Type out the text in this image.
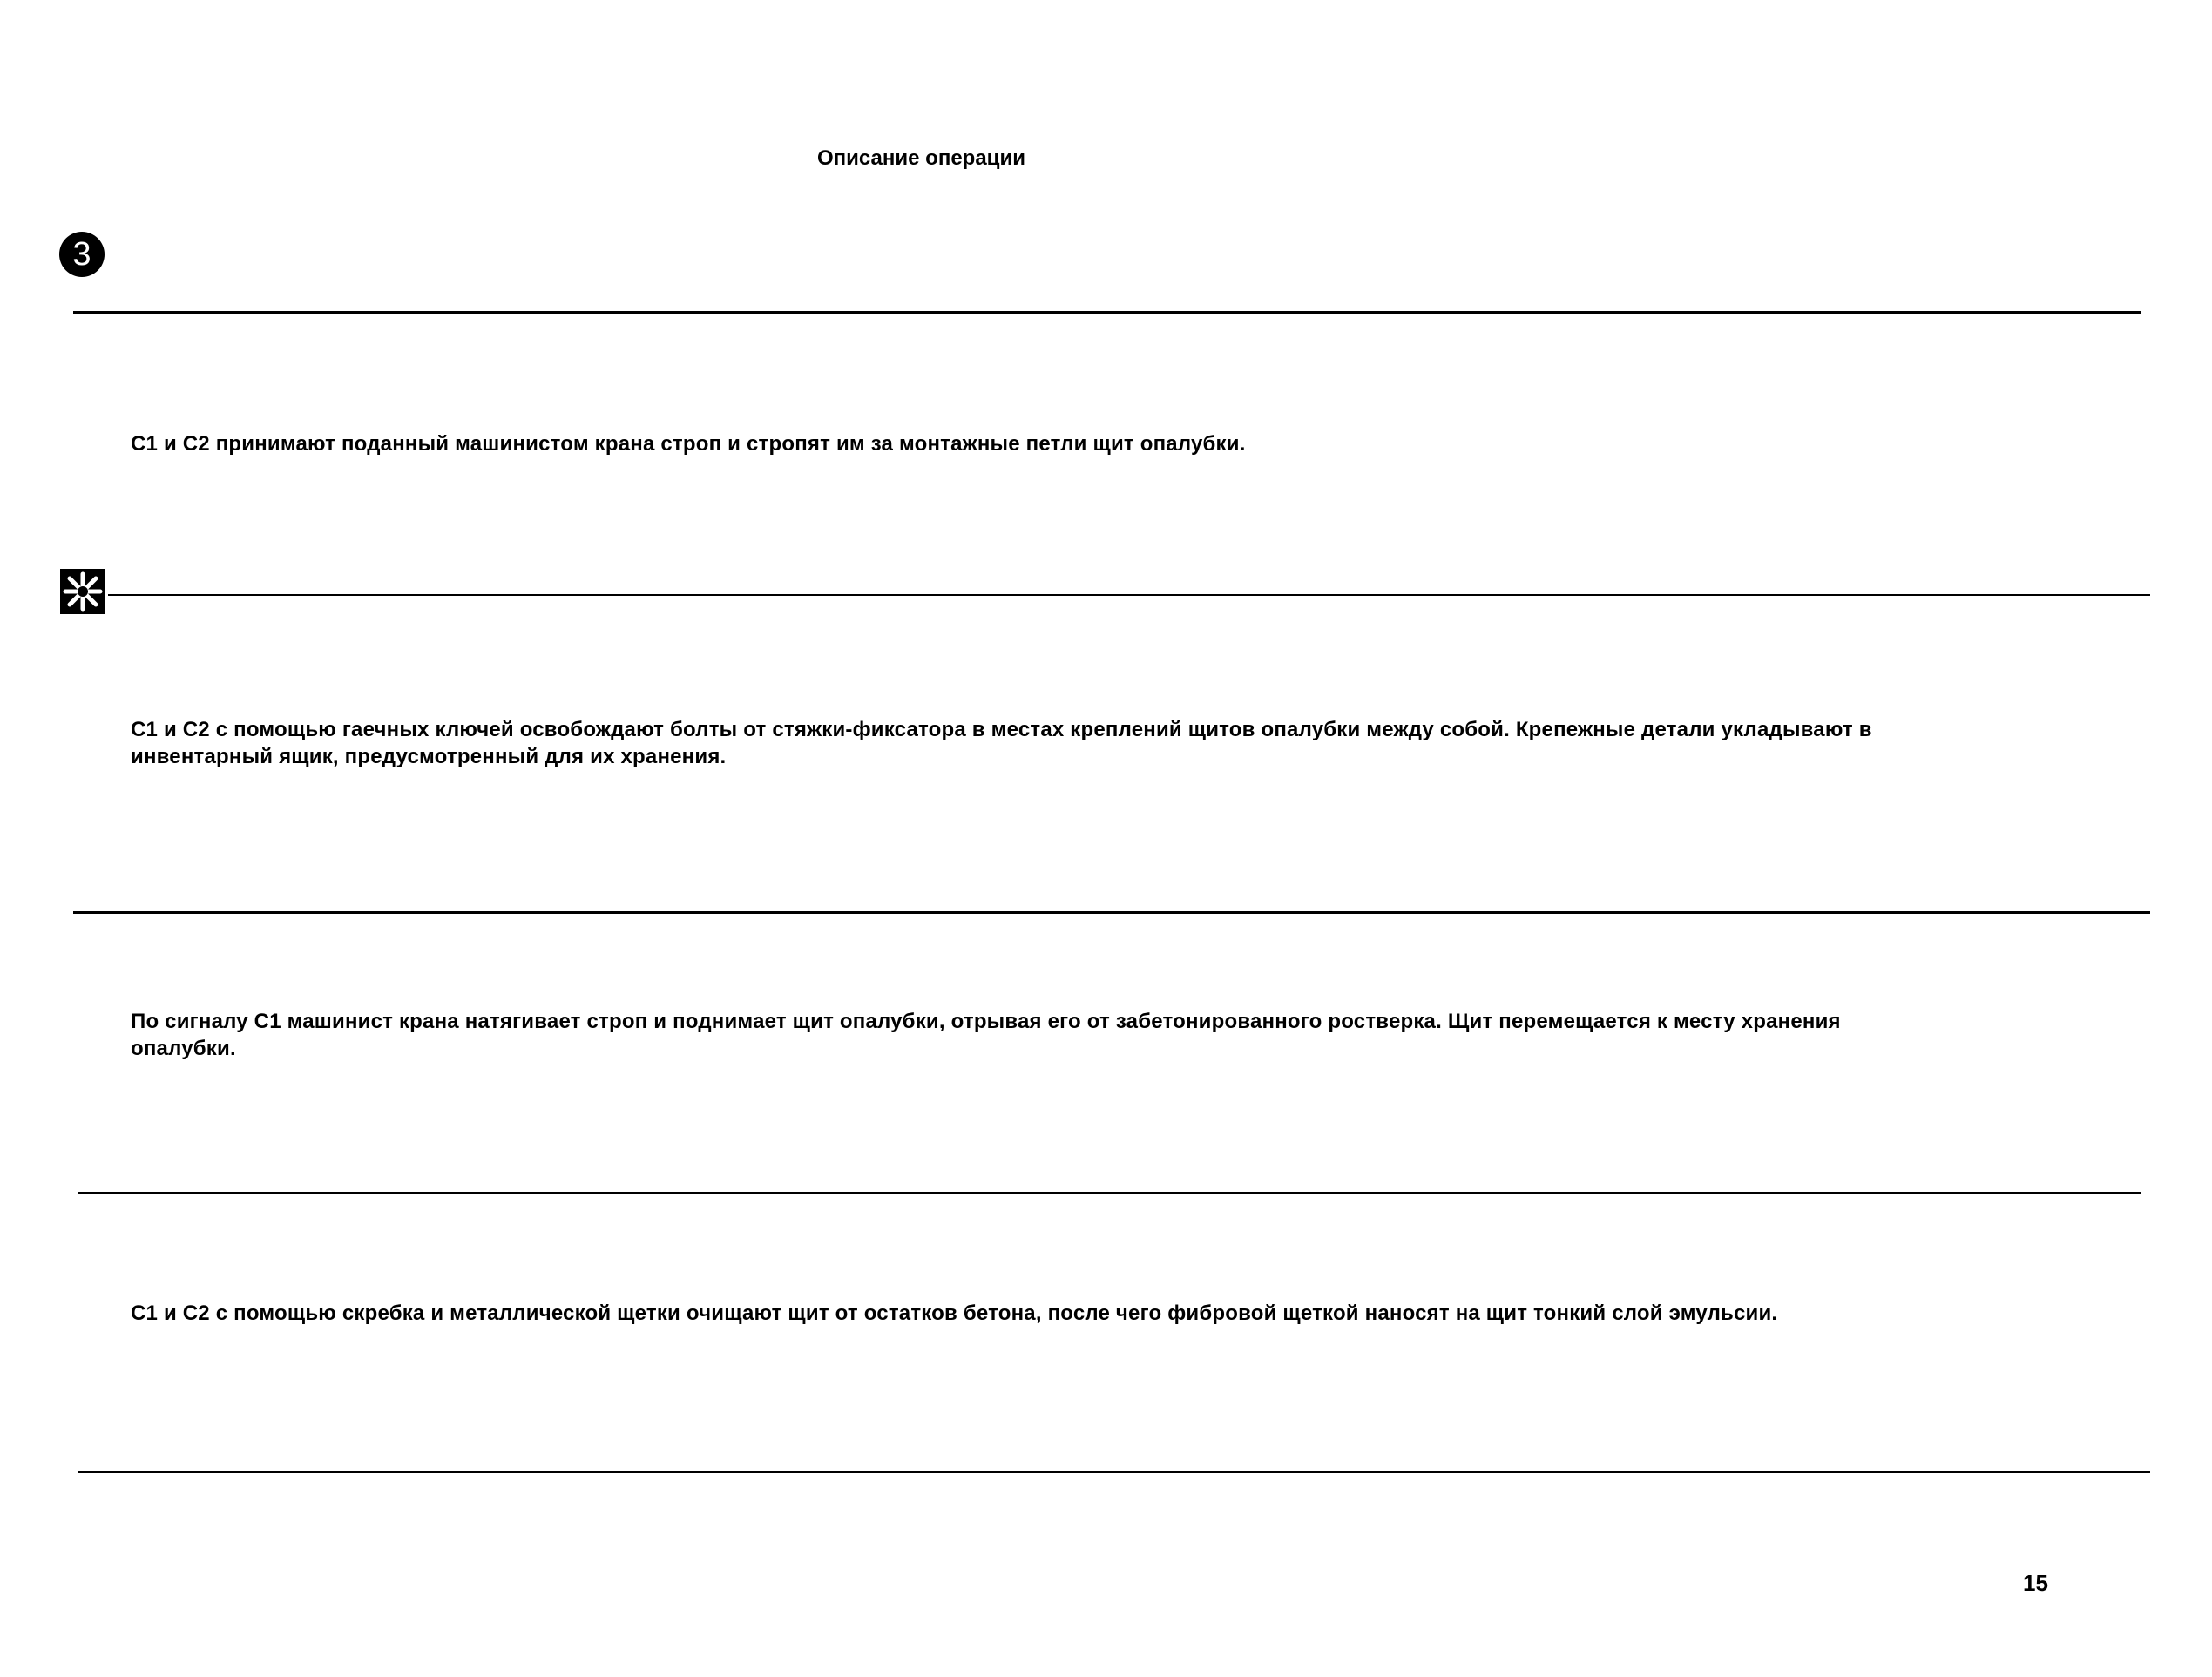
Описание операции
3
С1 и С2 принимают поданный машинистом крана строп и стропят им за монтажные петли щит опалубки.
С1 и С2 с помощью гаечных ключей освобождают болты от стяжки-фиксатора в местах креплений щитов опалубки между собой. Крепежные детали укладывают в инвентарный ящик, предусмотренный для их хранения.
По сигналу С1 машинист крана натягивает строп и поднимает щит опалубки, отрывая его от забетонированного ростверка. Щит перемещается к месту хранения опалубки.
С1 и С2 с помощью скребка и металлической щетки очищают щит от остатков бетона, после чего фибровой щеткой наносят на щит тонкий слой эмульсии.
15
